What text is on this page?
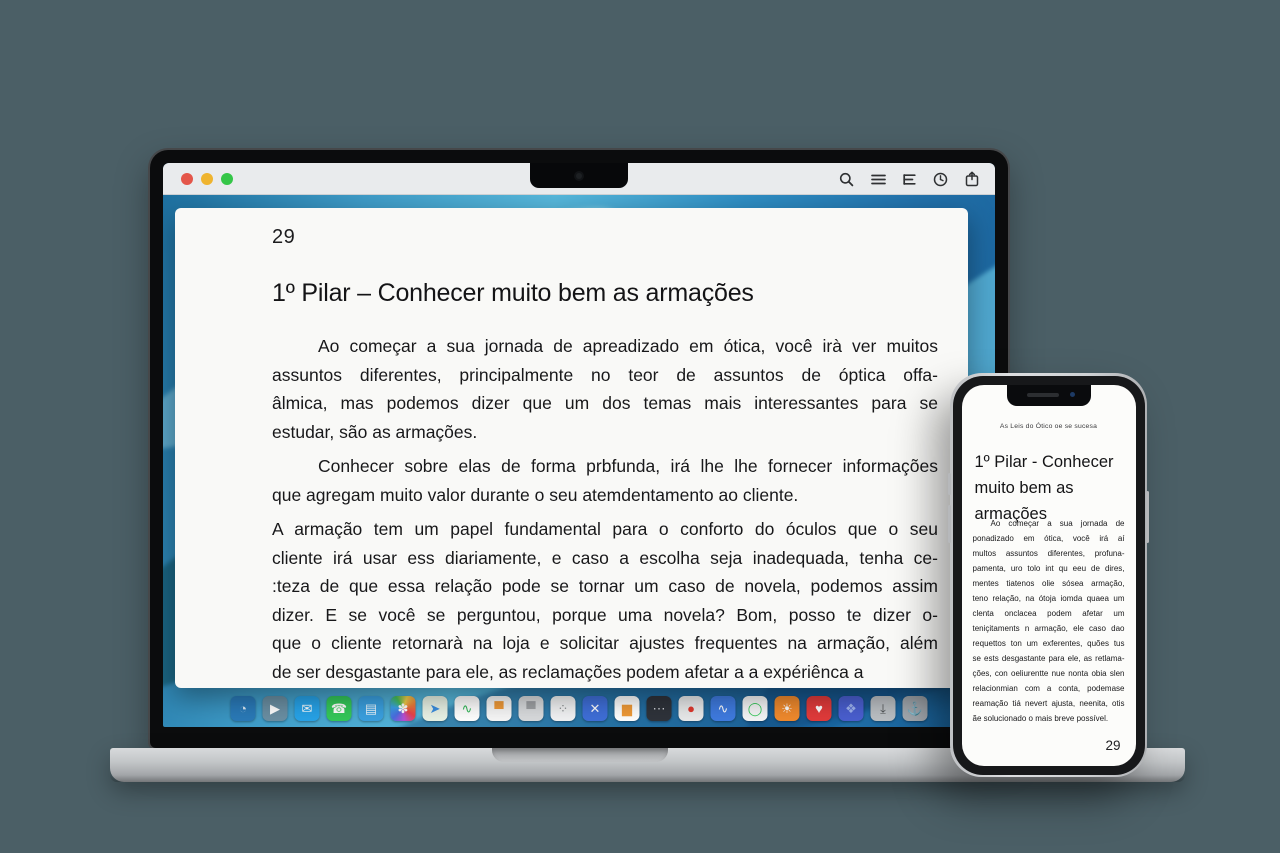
29
1º Pilar – Conhecer muito bem as armações
Ao começar a sua jornada de apreadizado em ótica, você irà ver muitos
assuntos diferentes, principalmente no teor de assuntos de óptica offa-
âlmica, mas podemos dizer que um dos temas mais interessantes para se
estudar, são as armações.
Conhecer sobre elas de forma prbfunda, irá lhe lhe fornecer informações
que agregam muito valor durante o seu atemdentamento ao cliente.
A armação tem um papel fundamental para o conforto do óculos que o seu
cliente irá usar ess diariamente, e caso a escolha seja inadequada, tenha ce-
:teza de que essa relação pode se tornar um caso de novela, podemos assim
dizer. E se você se perguntou, porque uma novela? Bom, posso te dizer o-
que o cliente retornarà na loja e solicitar ajustes frequentes na armação, além
de ser desgastante para ele, as reclamações podem afetar a a expériênca a
◔ ▶ ✉ ☎ ▤ ✽ ➤ ∿ ▀ ▀ ⁘ ✕ ▆ ⋯ ● ∿ ◯ ☀ ♥ ❖ ⤓ ⚓
As Leis do Ótico oe se sucesa
1º Pilar - Conhecer
muito bem as
armações
Ao começar a sua jornada de
ponadizado em ótica, você irá aí
multos assuntos diferentes, profuna-
pamenta, uro tolo int qu eeu de dires,
mentes tiatenos olie sósea armação,
teno relação, na ótoja iomda quaea um
clenta onclacea podem afetar um
teniçitaments n armação, ele caso dao
requettos ton um exferentes, quões tus
se ests desgastante para ele, as retlama-
ções, con oeliurentte nue nonta obia slen
relacionmian com a conta, podemase
reamação tiá nevert ajusta, neenita, otis
ãe solucionado o mais breve possível.
29
